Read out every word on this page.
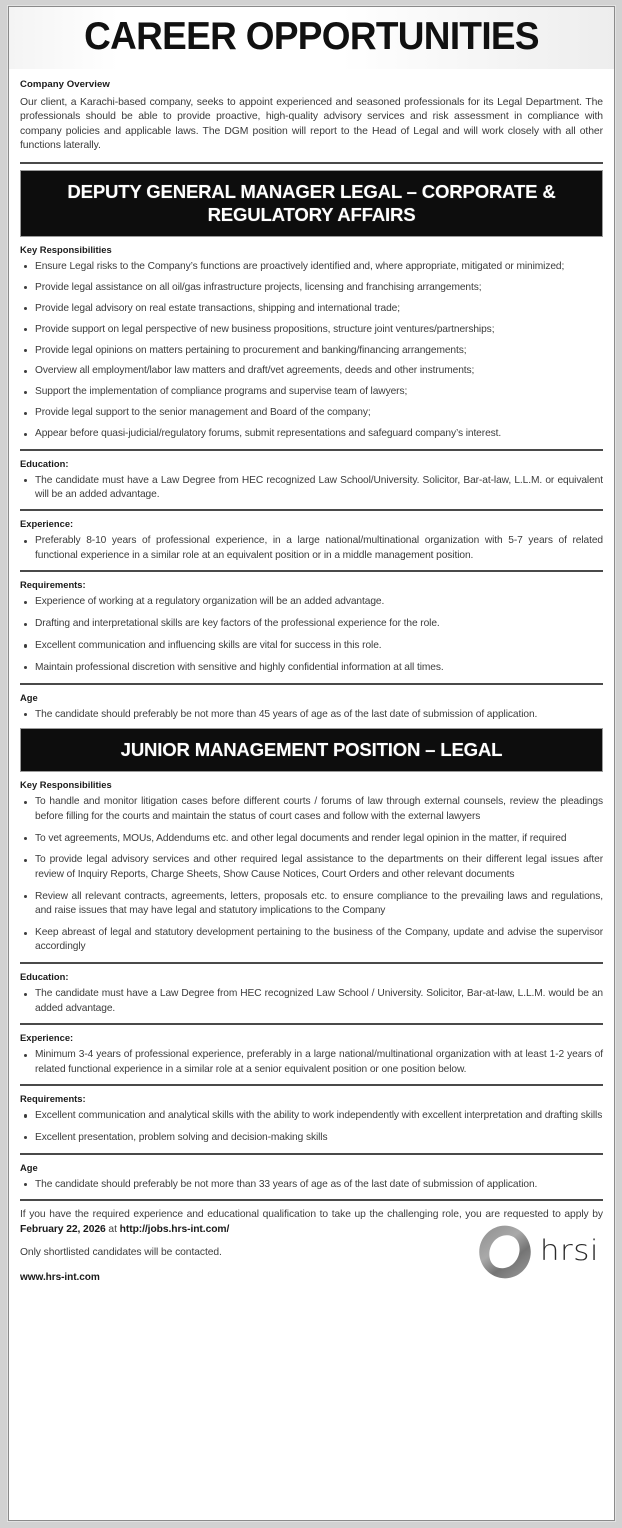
CAREER OPPORTUNITIES
Company Overview

Our client, a Karachi-based company, seeks to appoint experienced and seasoned professionals for its Legal Department. The professionals should be able to provide proactive, high-quality advisory services and risk assessment in compliance with company policies and applicable laws. The DGM position will report to the Head of Legal and will work closely with all other functions laterally.

DEPUTY GENERAL MANAGER LEGAL – CORPORATE & REGULATORY AFFAIRS
Key Responsibilities
Ensure Legal risks to the Company’s functions are proactively identified and, where appropriate, mitigated or minimized;
Provide legal assistance on all oil/gas infrastructure projects, licensing and franchising arrangements;
Provide legal advisory on real estate transactions, shipping and international trade;
Provide support on legal perspective of new business propositions, structure joint ventures/partnerships;
Provide legal opinions on matters pertaining to procurement and banking/financing arrangements;
Overview all employment/labor law matters and draft/vet agreements, deeds and other instruments;
Support the implementation of compliance programs and supervise team of lawyers;
Provide legal support to the senior management and Board of the company;
Appear before quasi-judicial/regulatory forums, submit representations and safeguard company’s interest.
Education:
The candidate must have a Law Degree from HEC recognized Law School/University. Solicitor, Bar-at-law, L.L.M. or equivalent will be an added advantage.
Experience:
Preferably 8-10 years of professional experience, in a large national/multinational organization with 5-7 years of related functional experience in a similar role at an equivalent position or in a middle management position.
Requirements:
Experience of working at a regulatory organization will be an added advantage.
Drafting and interpretational skills are key factors of the professional experience for the role.
Excellent communication and influencing skills are vital for success in this role.
Maintain professional discretion with sensitive and highly confidential information at all times.
Age
The candidate should preferably be not more than 45 years of age as of the last date of submission of application.
JUNIOR MANAGEMENT POSITION – LEGAL
Key Responsibilities
To handle and monitor litigation cases before different courts / forums of law through external counsels, review the pleadings before filling for the courts and maintain the status of court cases and follow with the external lawyers
To vet agreements, MOUs, Addendums etc. and other legal documents and render legal opinion in the matter, if required
To provide legal advisory services and other required legal assistance to the departments on their different legal issues after review of Inquiry Reports, Charge Sheets, Show Cause Notices, Court Orders and other relevant documents
Review all relevant contracts, agreements, letters, proposals etc. to ensure compliance to the prevailing laws and regulations, and raise issues that may have legal and statutory implications to the Company
Keep abreast of legal and statutory development pertaining to the business of the Company, update and advise the supervisor accordingly
Education:
The candidate must have a Law Degree from HEC recognized Law School / University. Solicitor, Bar-at-law, L.L.M. would be an added advantage.
Experience:
Minimum 3-4 years of professional experience, preferably in a large national/multinational organization with at least 1-2 years of related functional experience in a similar role at a senior equivalent position or one position below.
Requirements:
Excellent communication and analytical skills with the ability to work independently with excellent interpretation and drafting skills
Excellent presentation, problem solving and decision-making skills
Age
The candidate should preferably be not more than 33 years of age as of the last date of submission of application.

If you have the required experience and educational qualification to take up the challenging role, you are requested to apply by February 22, 2026 at http://jobs.hrs-int.com/

Only shortlisted candidates will be contacted.

www.hrs-int.com

hrsi
